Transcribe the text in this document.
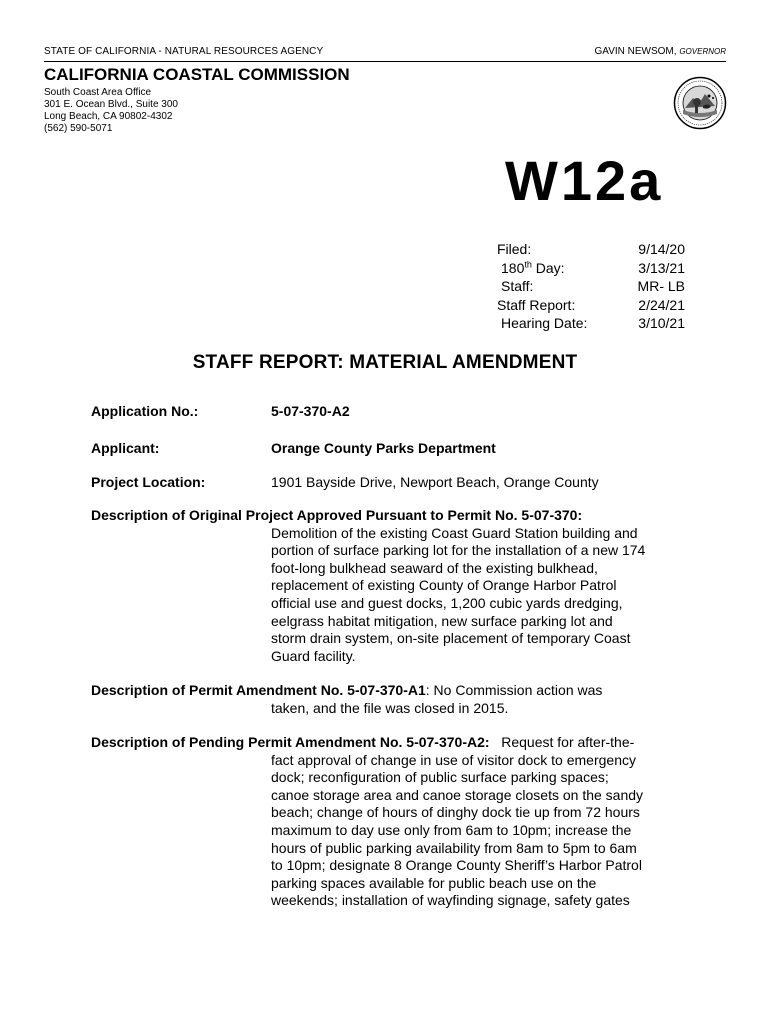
STATE OF CALIFORNIA - NATURAL RESOURCES AGENCY	GAVIN NEWSOM, GOVERNOR
CALIFORNIA COASTAL COMMISSION
South Coast Area Office
301 E. Ocean Blvd., Suite 300
Long Beach, CA 90802-4302
(562) 590-5071
W12a
Filed:	9/14/20
180th Day:	3/13/21
Staff:	MR- LB
Staff Report:	2/24/21
Hearing Date:	3/10/21
STAFF REPORT: MATERIAL AMENDMENT
Application No.:	5-07-370-A2
Applicant:	Orange County Parks Department
Project Location:	1901 Bayside Drive, Newport Beach, Orange County
Description of Original Project Approved Pursuant to Permit No. 5-07-370:
Demolition of the existing Coast Guard Station building and
portion of surface parking lot for the installation of a new 174
foot-long bulkhead seaward of the existing bulkhead,
replacement of existing County of Orange Harbor Patrol
official use and guest docks, 1,200 cubic yards dredging,
eelgrass habitat mitigation, new surface parking lot and
storm drain system, on-site placement of temporary Coast
Guard facility.
Description of Permit Amendment No. 5-07-370-A1: No Commission action was
taken, and the file was closed in 2015.
Description of Pending Permit Amendment No. 5-07-370-A2:   Request for after-the-
fact approval of change in use of visitor dock to emergency
dock; reconfiguration of public surface parking spaces;
canoe storage area and canoe storage closets on the sandy
beach; change of hours of dinghy dock tie up from 72 hours
maximum to day use only from 6am to 10pm; increase the
hours of public parking availability from 8am to 5pm to 6am
to 10pm; designate 8 Orange County Sheriff’s Harbor Patrol
parking spaces available for public beach use on the
weekends; installation of wayfinding signage, safety gates
